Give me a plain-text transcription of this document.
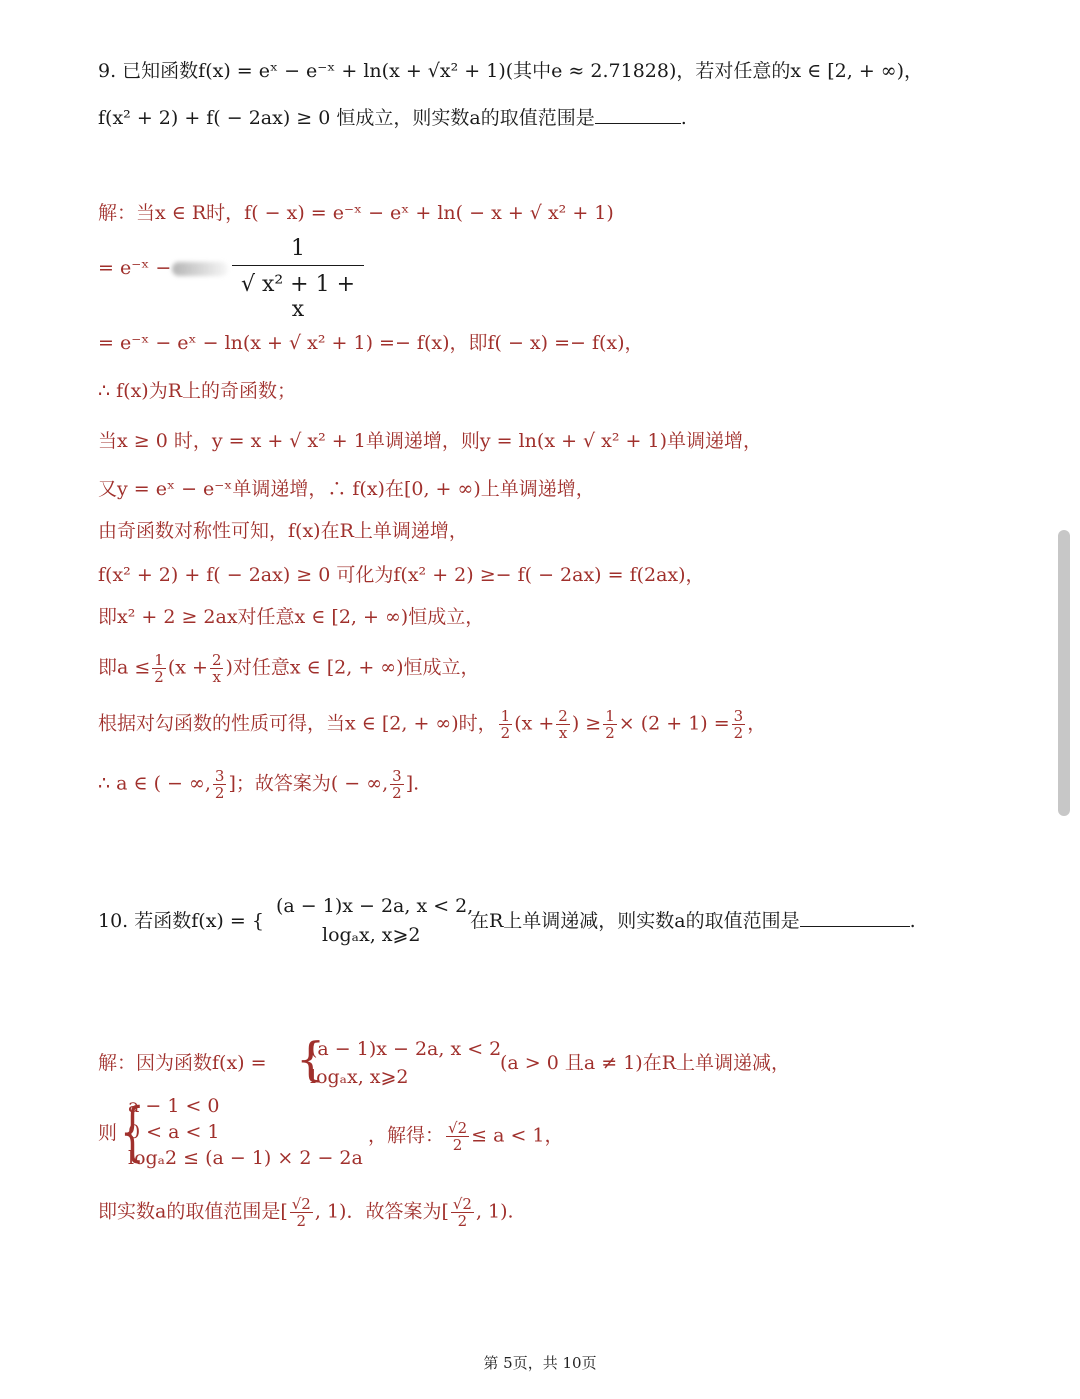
9. 已知函数f(x) = eˣ − e⁻ˣ + ln(x + √x² + 1)(其中e ≈ 2.71828)，若对任意的x ∈ [2, + ∞)，
f(x² + 2) + f( − 2ax) ≥ 0 恒成立，则实数a的取值范围是	.
解：当x ∈ R时，f( − x) = e⁻ˣ − eˣ + ln( − x + √ x² + 1)
= e⁻ˣ −	$\frac{1}{\text{√ x² + 1 + x}}$
= e⁻ˣ − eˣ − ln(x + √ x² + 1) =− f(x)，即f( − x) =− f(x)，
∴ f(x)为R上的奇函数；
当x ≥ 0 时，y = x + √ x² + 1单调递增，则y = ln(x + √ x² + 1)单调递增，
又y = eˣ − e⁻ˣ单调递增，∴ f(x)在[0, + ∞)上单调递增，
由奇函数对称性可知，f(x)在R上单调递增，
f(x² + 2) + f( − 2ax) ≥ 0 可化为f(x² + 2) ≥− f( − 2ax) = f(2ax)，
即x² + 2 ≥ 2ax对任意x ∈ [2, + ∞)恒成立，
即$a \le \frac{1}{2} (x + \frac{2}{x}$ )对任意x ∈ [2, + ∞)恒成立，
根据对勾函数的性质可得，当x ∈ [2, + ∞)时， $\frac{1}{2} (x + \frac{2}{x}$ ) ≥ $\frac{1}{2} \times (2 + 1) = \frac{3}{2}$ ，
∴ a ∈ ( − ∞, $\frac{3}{2}$ ]；故答案为( − ∞, $\frac{3}{2}$ ].
10. 若函数f(x) = {
(a − 1)x − 2a, x < 2,
logₐx, x⩾2
在R上单调递减，则实数a的取值范围是	.
解：因为函数f(x) = {
(a − 1)x − 2a, x < 2
logₐx, x⩾2
(a > 0 且a ≠ 1)在R上单调递减，
则 {
a − 1 < 0
0 < a < 1
logₐ2 ≤ (a − 1) × 2 − 2a
，解得： $\frac{√2}{2} \le a < 1$，
即实数a的取值范围是[ $\frac{√2}{2}$ , 1)．故答案为[ $\frac{√2}{2}$ , 1).
第 5页，共 10页
